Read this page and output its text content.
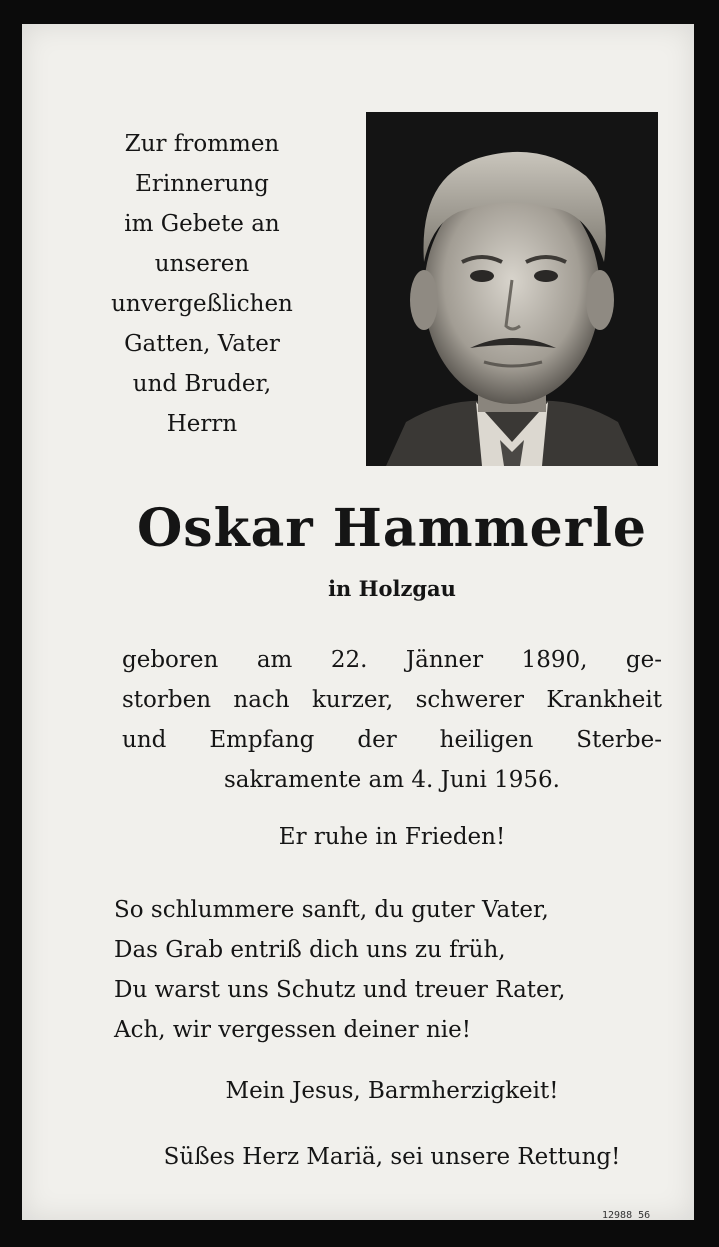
Zur frommen
Erinnerung
im Gebete an
unseren
unvergeßlichen
Gatten, Vater
und Bruder,
Herrn
Oskar Hammerle
in Holzgau
geboren am 22. Jänner 1890, ge-
storben nach kurzer, schwerer Krankheit
und Empfang der heiligen Sterbe-
sakramente am 4. Juni 1956.
Er ruhe in Frieden!
So schlummere sanft, du guter Vater,
Das Grab entriß dich uns zu früh,
Du warst uns Schutz und treuer Rater,
Ach, wir vergessen deiner nie!
Mein Jesus, Barmherzigkeit!
Süßes Herz Mariä, sei unsere Rettung!
12988 56
